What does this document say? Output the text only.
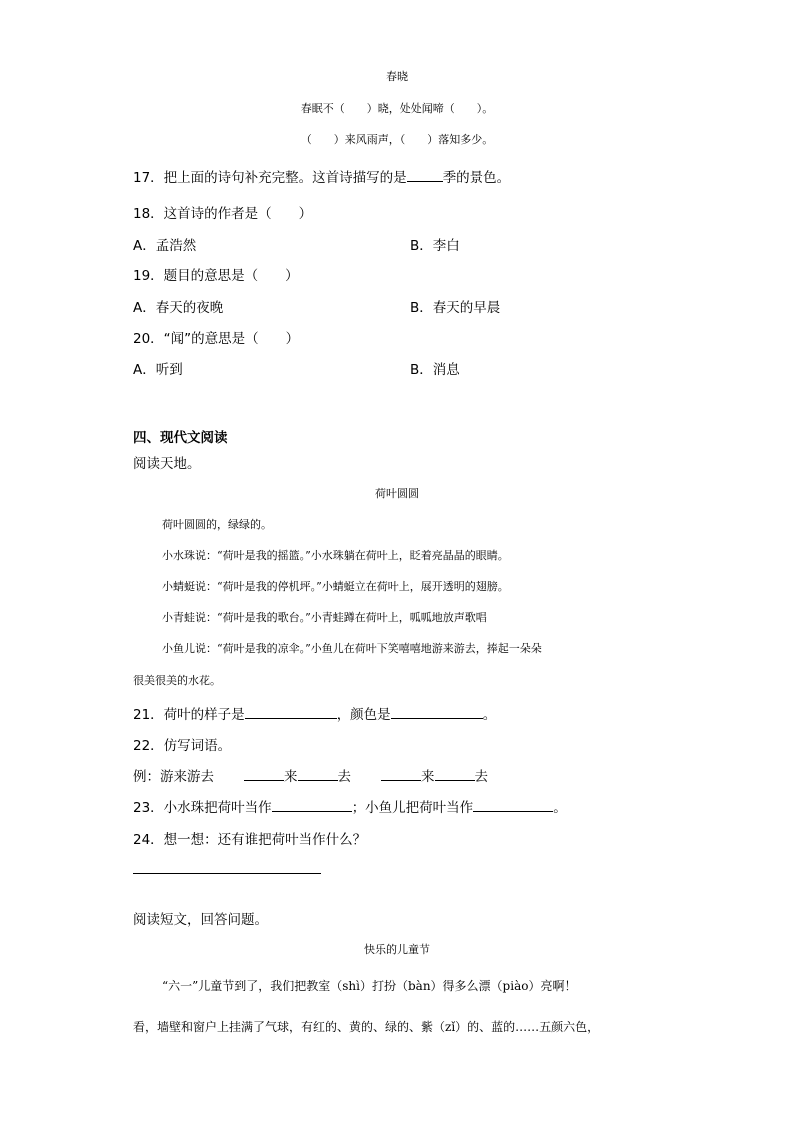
春晓
春眠不（　　）晓，处处闻啼（　　）。
（　　）来风雨声，（　　）落知多少。
17．把上面的诗句补充完整。这首诗描写的是	季的景色。
18．这首诗的作者是（　　）
A．孟浩然	B．李白
19．题目的意思是（　　）
A．春天的夜晚	B．春天的早晨
20．“闻”的意思是（　　）
A．听到	B．消息
四、现代文阅读
阅读天地。
荷叶圆圆
荷叶圆圆的，绿绿的。
小水珠说：“荷叶是我的摇篮。”小水珠躺在荷叶上，眨着亮晶晶的眼睛。
小蜻蜓说：“荷叶是我的停机坪。”小蜻蜓立在荷叶上，展开透明的翅膀。
小青蛙说：“荷叶是我的歌台。”小青蛙蹲在荷叶上，呱呱地放声歌唱
小鱼儿说：“荷叶是我的凉伞。”小鱼儿在荷叶下笑嘻嘻地游来游去，捧起一朵朵
很美很美的水花。
21．荷叶的样子是	，颜色是	。
22．仿写词语。
例：游来游去	来	去	来	去
23．小水珠把荷叶当作	；小鱼儿把荷叶当作	。
24．想一想：还有谁把荷叶当作什么？
阅读短文，回答问题。
快乐的儿童节
“六一”儿童节到了，我们把教室（shì）打扮（bàn）得多么漂（piào）亮啊！
看，墙壁和窗户上挂满了气球，有红的、黄的、绿的、紫（zǐ）的、蓝的……五颜六色，
